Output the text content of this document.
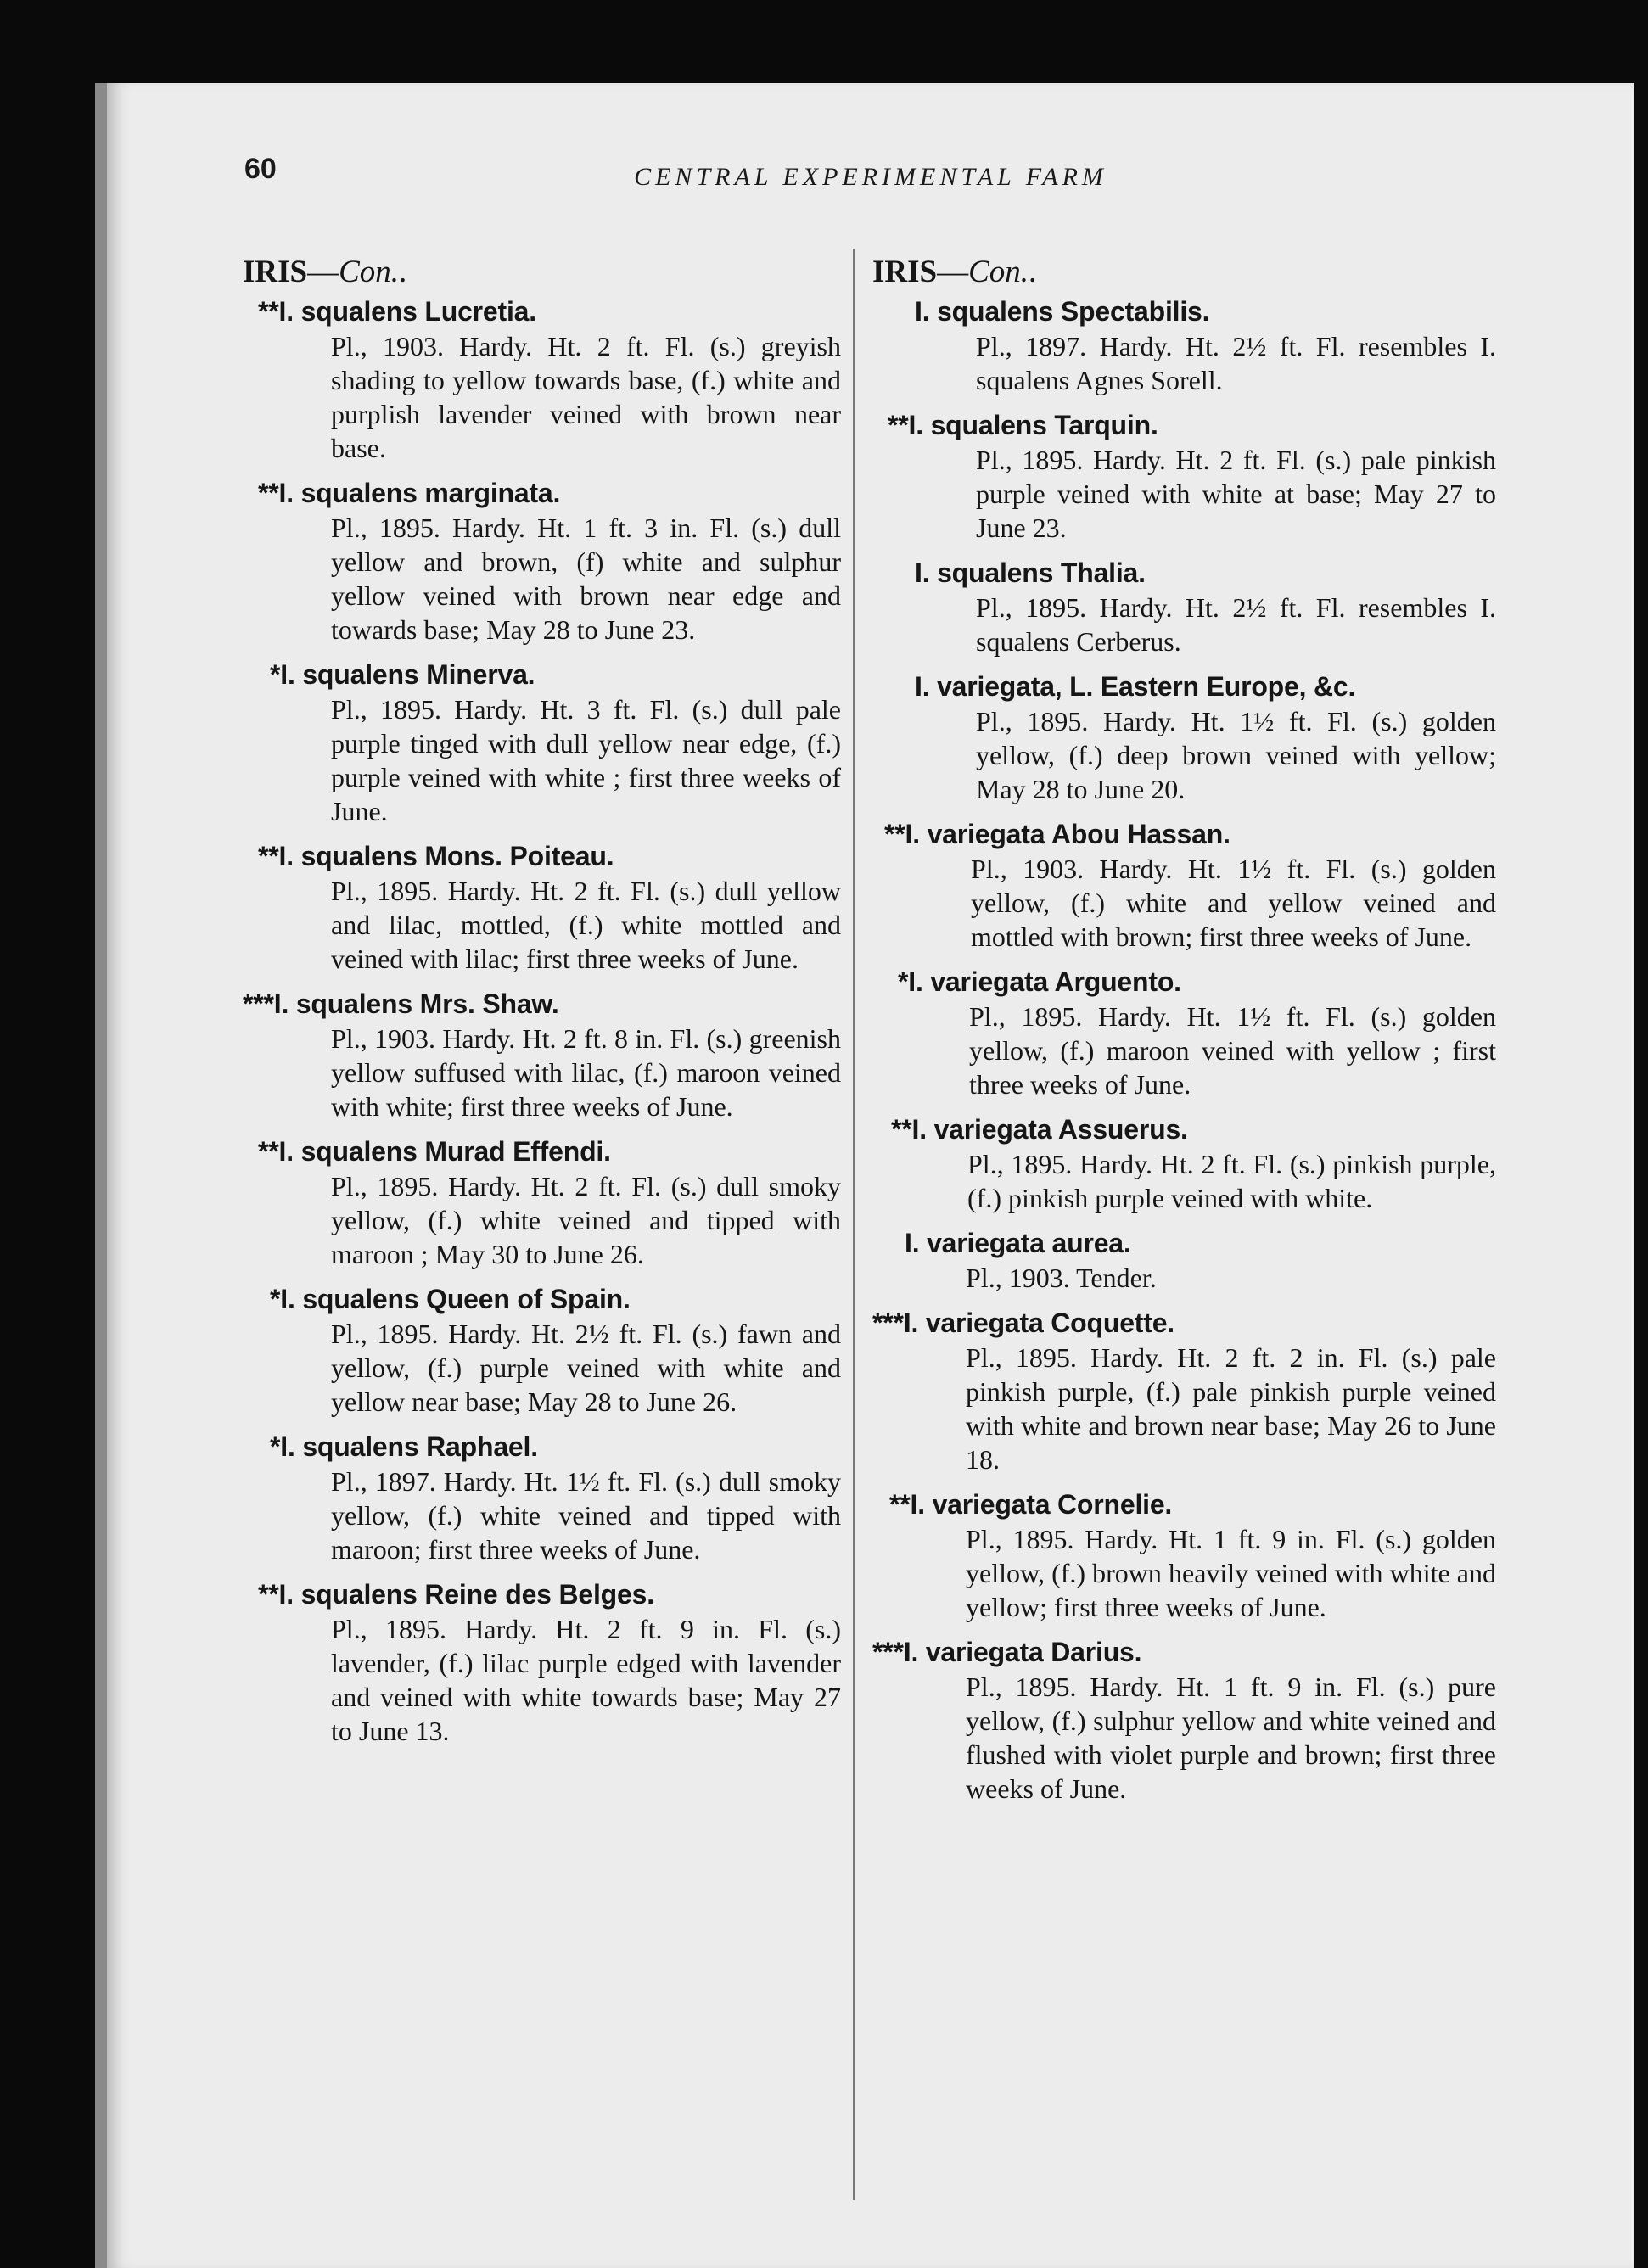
60	CENTRAL EXPERIMENTAL FARM
IRIS—Con..
**I. squalens Lucretia.
Pl., 1903. Hardy. Ht. 2 ft. Fl. (s.) greyish shading to yellow towards base, (f.) white and purplish lavender veined with brown near base.
**I. squalens marginata.
Pl., 1895. Hardy. Ht. 1 ft. 3 in. Fl. (s.) dull yellow and brown, (f) white and sulphur yellow veined with brown near edge and towards base; May 28 to June 23.
*I. squalens Minerva.
Pl., 1895. Hardy. Ht. 3 ft. Fl. (s.) dull pale purple tinged with dull yellow near edge, (f.) purple veined with white ; first three weeks of June.
**I. squalens Mons. Poiteau.
Pl., 1895. Hardy. Ht. 2 ft. Fl. (s.) dull yellow and lilac, mottled, (f.) white mottled and veined with lilac; first three weeks of June.
***I. squalens Mrs. Shaw.
Pl., 1903. Hardy. Ht. 2 ft. 8 in. Fl. (s.) greenish yellow suffused with lilac, (f.) maroon veined with white; first three weeks of June.
**I. squalens Murad Effendi.
Pl., 1895. Hardy. Ht. 2 ft. Fl. (s.) dull smoky yellow, (f.) white veined and tipped with maroon ; May 30 to June 26.
*I. squalens Queen of Spain.
Pl., 1895. Hardy. Ht. 2½ ft. Fl. (s.) fawn and yellow, (f.) purple veined with white and yellow near base; May 28 to June 26.
*I. squalens Raphael.
Pl., 1897. Hardy. Ht. 1½ ft. Fl. (s.) dull smoky yellow, (f.) white veined and tipped with maroon; first three weeks of June.
**I. squalens Reine des Belges.
Pl., 1895. Hardy. Ht. 2 ft. 9 in. Fl. (s.) lavender, (f.) lilac purple edged with lavender and veined with white towards base; May 27 to June 13.
IRIS—Con..
I. squalens Spectabilis.
Pl., 1897. Hardy. Ht. 2½ ft. Fl. resembles I. squalens Agnes Sorell.
**I. squalens Tarquin.
Pl., 1895. Hardy. Ht. 2 ft. Fl. (s.) pale pinkish purple veined with white at base; May 27 to June 23.
I. squalens Thalia.
Pl., 1895. Hardy. Ht. 2½ ft. Fl. resembles I. squalens Cerberus.
I. variegata, L. Eastern Europe, &c.
Pl., 1895. Hardy. Ht. 1½ ft. Fl. (s.) golden yellow, (f.) deep brown veined with yellow; May 28 to June 20.
**I. variegata Abou Hassan.
Pl., 1903. Hardy. Ht. 1½ ft. Fl. (s.) golden yellow, (f.) white and yellow veined and mottled with brown; first three weeks of June.
*I. variegata Arguento.
Pl., 1895. Hardy. Ht. 1½ ft. Fl. (s.) golden yellow, (f.) maroon veined with yellow ; first three weeks of June.
**I. variegata Assuerus.
Pl., 1895. Hardy. Ht. 2 ft. Fl. (s.) pinkish purple, (f.) pinkish purple veined with white.
I. variegata aurea.
Pl., 1903. Tender.
***I. variegata Coquette.
Pl., 1895. Hardy. Ht. 2 ft. 2 in. Fl. (s.) pale pinkish purple, (f.) pale pinkish purple veined with white and brown near base; May 26 to June 18.
**I. variegata Cornelie.
Pl., 1895. Hardy. Ht. 1 ft. 9 in. Fl. (s.) golden yellow, (f.) brown heavily veined with white and yellow; first three weeks of June.
***I. variegata Darius.
Pl., 1895. Hardy. Ht. 1 ft. 9 in. Fl. (s.) pure yellow, (f.) sulphur yellow and white veined and flushed with violet purple and brown; first three weeks of June.
